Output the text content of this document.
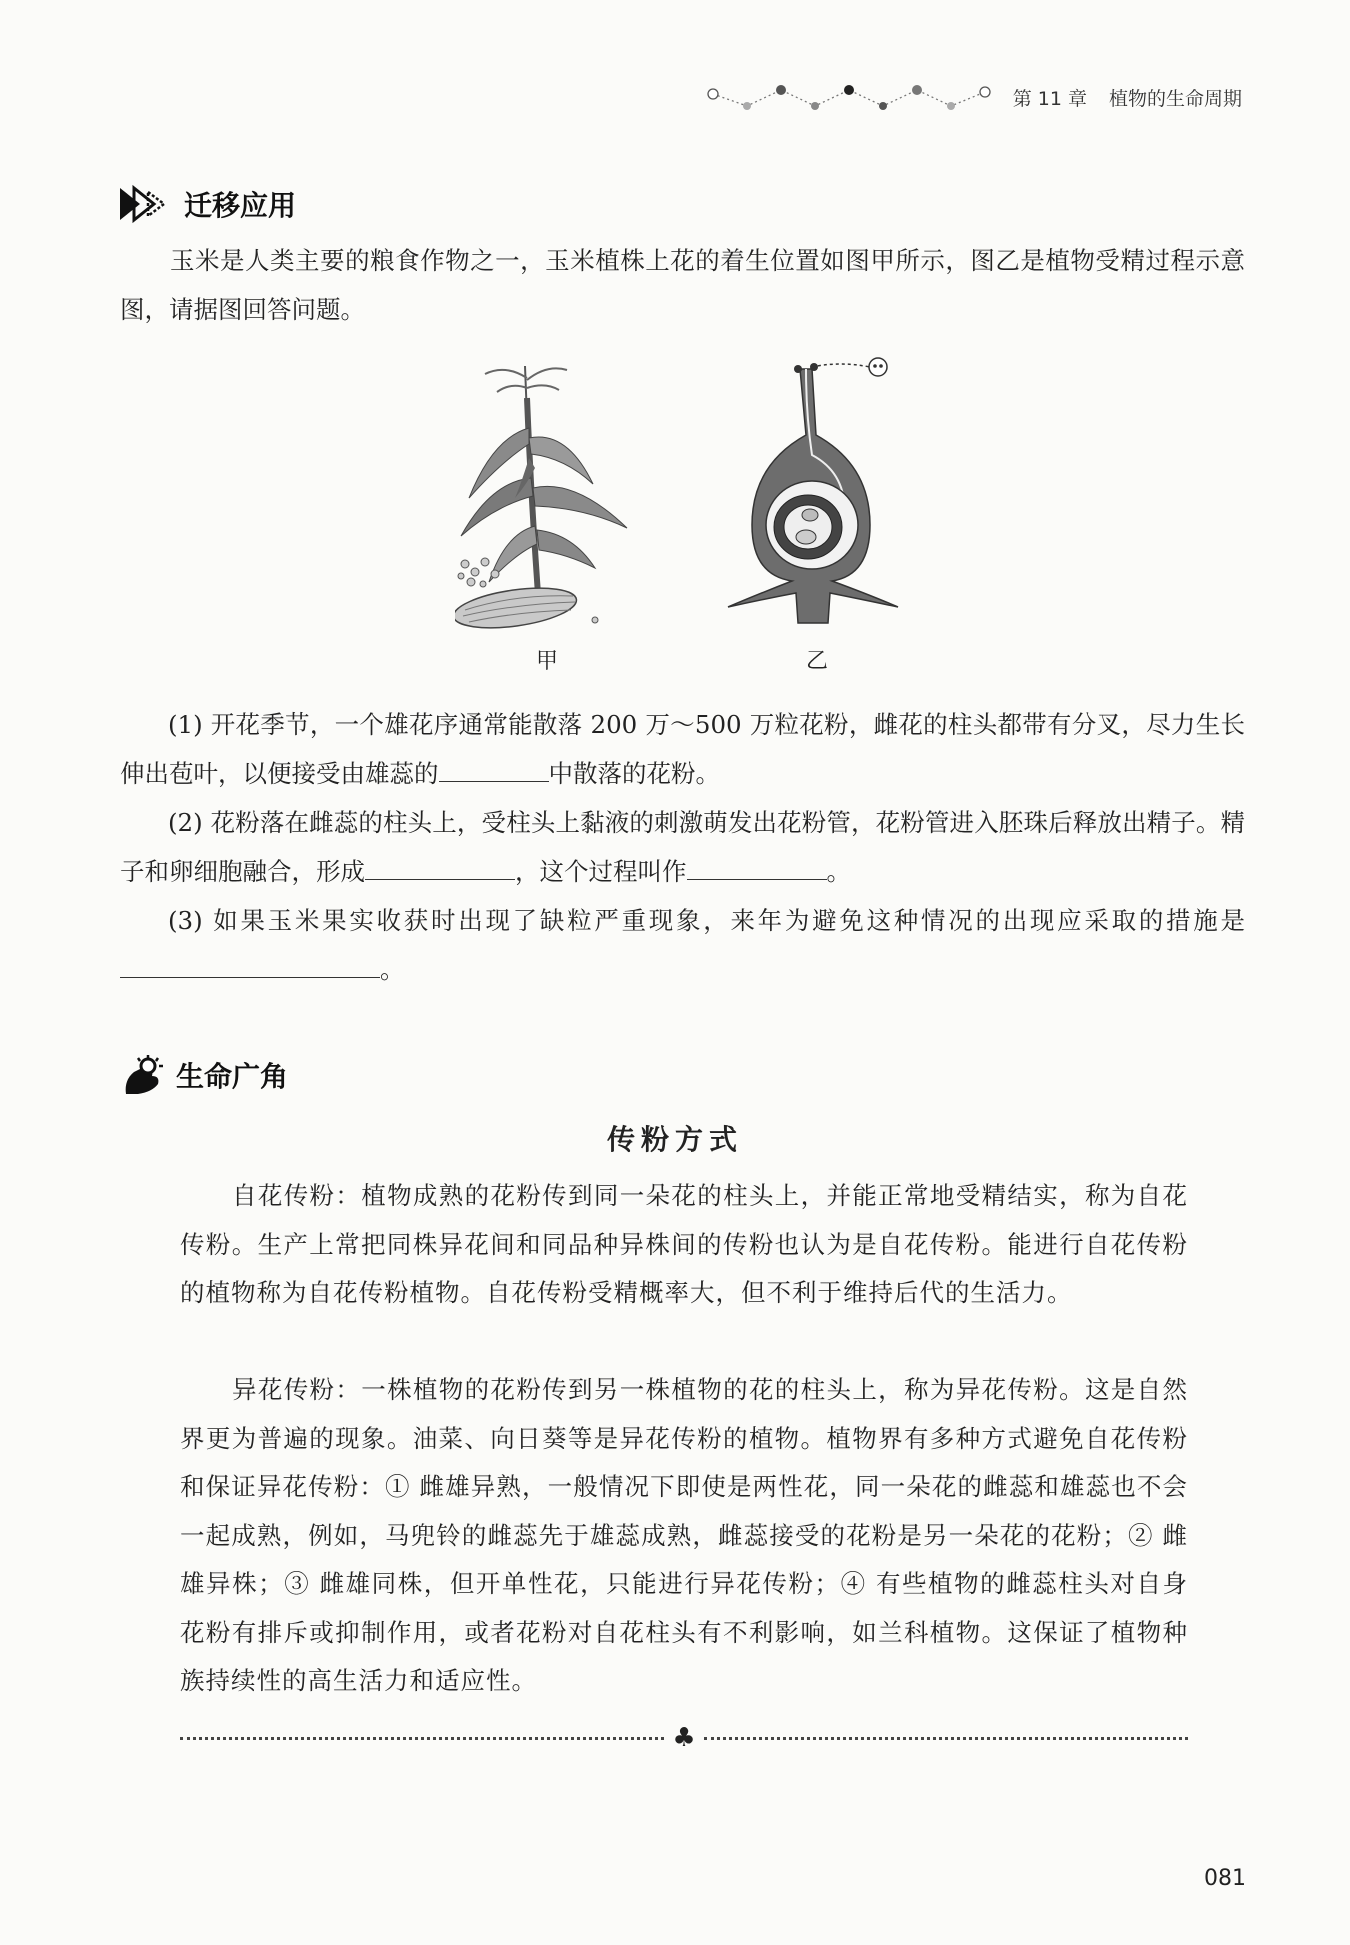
第 11 章 植物的生命周期
迁移应用

玉米是人类主要的粮食作物之一，玉米植株上花的着生位置如图甲所示，图乙是植物受精过程示意图，请据图回答问题。

甲	乙

(1) 开花季节，一个雄花序通常能散落 200 万～500 万粒花粉，雌花的柱头都带有分叉，尽力生长伸出苞叶，以便接受由雄蕊的	中散落的花粉。

(2) 花粉落在雌蕊的柱头上，受柱头上黏液的刺激萌发出花粉管，花粉管进入胚珠后释放出精子。精子和卵细胞融合，形成	，这个过程叫作	。

(3) 如果玉米果实收获时出现了缺粒严重现象，来年为避免这种情况的出现应采取的措施是。

生命广角
传粉方式

自花传粉：植物成熟的花粉传到同一朵花的柱头上，并能正常地受精结实，称为自花传粉。生产上常把同株异花间和同品种异株间的传粉也认为是自花传粉。能进行自花传粉的植物称为自花传粉植物。自花传粉受精概率大，但不利于维持后代的生活力。

异花传粉：一株植物的花粉传到另一株植物的花的柱头上，称为异花传粉。这是自然界更为普遍的现象。油菜、向日葵等是异花传粉的植物。植物界有多种方式避免自花传粉和保证异花传粉：① 雌雄异熟，一般情况下即使是两性花，同一朵花的雌蕊和雄蕊也不会一起成熟，例如，马兜铃的雌蕊先于雄蕊成熟，雌蕊接受的花粉是另一朵花的花粉；② 雌雄异株；③ 雌雄同株，但开单性花，只能进行异花传粉；④ 有些植物的雌蕊柱头对自身花粉有排斥或抑制作用，或者花粉对自花柱头有不利影响，如兰科植物。这保证了植物种族持续性的高生活力和适应性。

♣
081
